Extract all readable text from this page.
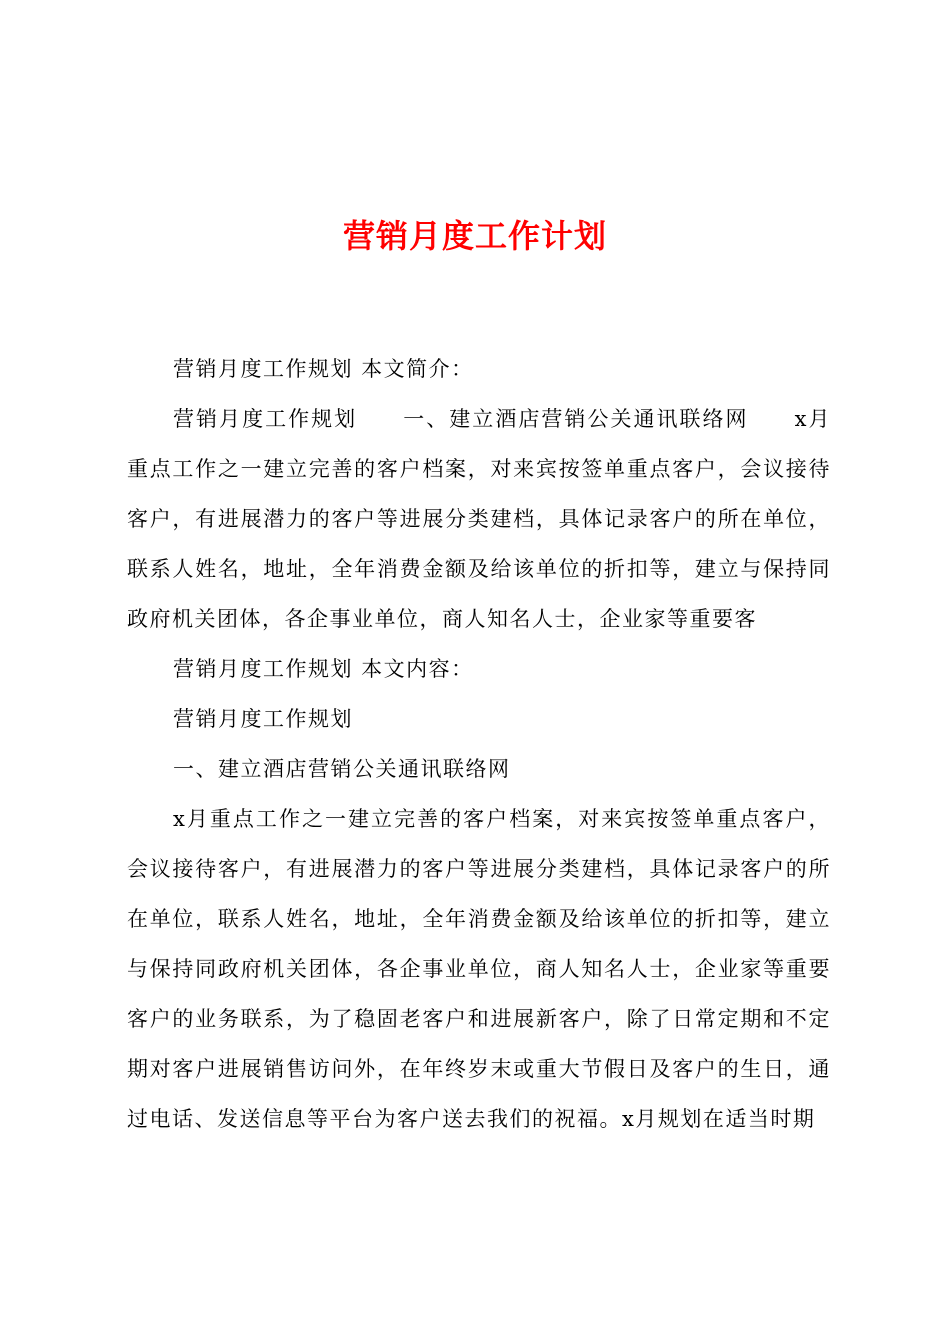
营销月度工作计划

营销月度工作规划 本文简介：

营销月度工作规划　　一、建立酒店营销公关通讯联络网　　x月重点工作之一建立完善的客户档案，对来宾按签单重点客户，会议接待客户，有进展潜力的客户等进展分类建档，具体记录客户的所在单位，联系人姓名，地址，全年消费金额及给该单位的折扣等，建立与保持同政府机关团体，各企事业单位，商人知名人士，企业家等重要客

营销月度工作规划 本文内容：

营销月度工作规划

一、建立酒店营销公关通讯联络网

x月重点工作之一建立完善的客户档案，对来宾按签单重点客户，会议接待客户，有进展潜力的客户等进展分类建档，具体记录客户的所在单位，联系人姓名，地址，全年消费金额及给该单位的折扣等，建立与保持同政府机关团体，各企事业单位，商人知名人士，企业家等重要客户的业务联系，为了稳固老客户和进展新客户，除了日常定期和不定期对客户进展销售访问外，在年终岁末或重大节假日及客户的生日，通过电话、发送信息等平台为客户送去我们的祝福。x月规划在适当时期
